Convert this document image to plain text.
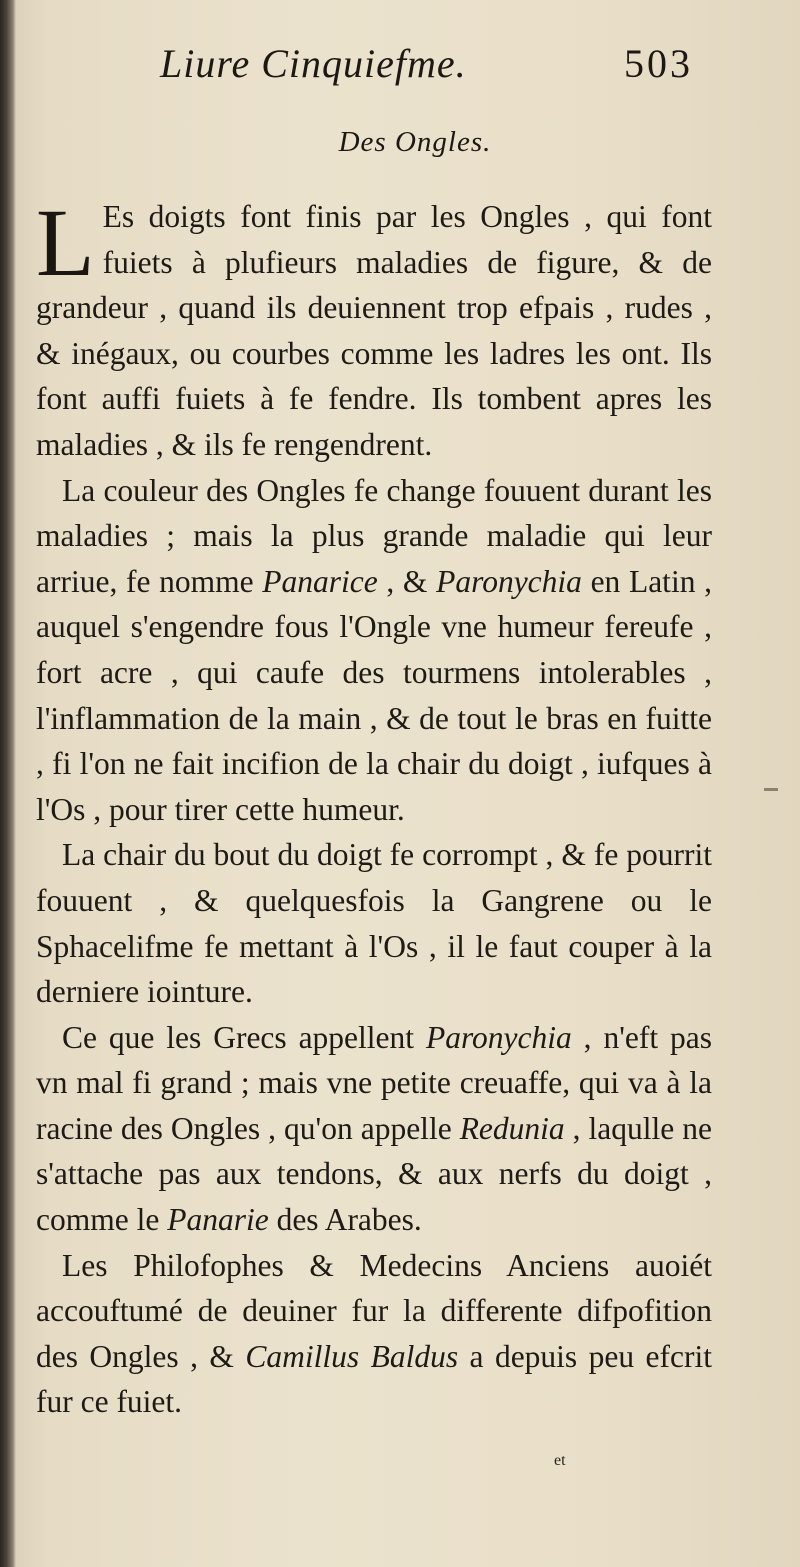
Liure Cinquiefme.	503
Des Ongles.

L Es doigts font finis par les Ongles , qui font fuiets à plufieurs maladies de figure, & de grandeur , quand ils deuiennent trop efpais , rudes , & inégaux, ou courbes comme les ladres les ont. Ils font auffi fuiets à fe fendre. Ils tombent apres les maladies , & ils fe rengendrent.

La couleur des Ongles fe change fouuent durant les maladies ; mais la plus grande maladie qui leur arriue, fe nomme Panarice , & Paronychia en Latin , auquel s'engendre fous l'Ongle vne humeur fereufe , fort acre , qui caufe des tourmens intolerables , l'inflammation de la main , & de tout le bras en fuitte , fi l'on ne fait incifion de la chair du doigt , iufques à l'Os , pour tirer cette humeur.

La chair du bout du doigt fe corrompt , & fe pourrit fouuent , & quelquesfois la Gangrene ou le Sphacelifme fe mettant à l'Os , il le faut couper à la derniere iointure.

Ce que les Grecs appellent Paronychia , n'eft pas vn mal fi grand ; mais vne petite creuaffe, qui va à la racine des Ongles , qu'on appelle Redunia , laqulle ne s'attache pas aux tendons, & aux nerfs du doigt , comme le Panarie des Arabes.

Les Philofophes & Medecins Anciens auoiét accouftumé de deuiner fur la differente difpofition des Ongles , & Camillus Baldus a depuis peu efcrit fur ce fuiet.

et
